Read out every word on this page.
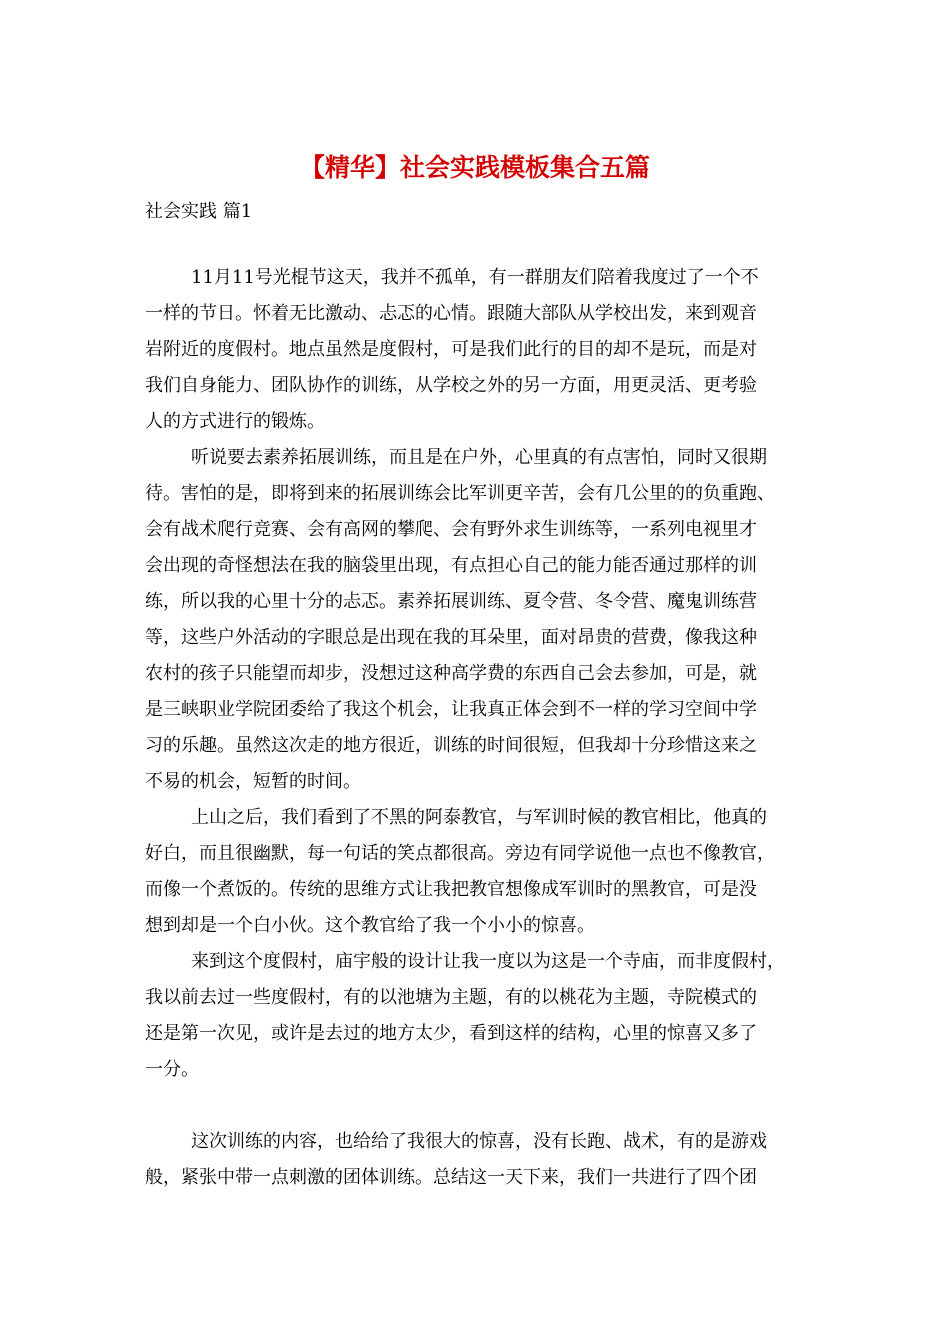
【精华】社会实践模板集合五篇
社会实践 篇1
11月11号光棍节这天，我并不孤单，有一群朋友们陪着我度过了一个不
一样的节日。怀着无比激动、忐忑的心情。跟随大部队从学校出发，来到观音
岩附近的度假村。地点虽然是度假村，可是我们此行的目的却不是玩，而是对
我们自身能力、团队协作的训练，从学校之外的另一方面，用更灵活、更考验
人的方式进行的锻炼。
听说要去素养拓展训练，而且是在户外，心里真的有点害怕，同时又很期
待。害怕的是，即将到来的拓展训练会比军训更辛苦，会有几公里的的负重跑、
会有战术爬行竞赛、会有高网的攀爬、会有野外求生训练等，一系列电视里才
会出现的奇怪想法在我的脑袋里出现，有点担心自己的能力能否通过那样的训
练，所以我的心里十分的忐忑。素养拓展训练、夏令营、冬令营、魔鬼训练营
等，这些户外活动的字眼总是出现在我的耳朵里，面对昂贵的营费，像我这种
农村的孩子只能望而却步，没想过这种高学费的东西自己会去参加，可是，就
是三峡职业学院团委给了我这个机会，让我真正体会到不一样的学习空间中学
习的乐趣。虽然这次走的地方很近，训练的时间很短，但我却十分珍惜这来之
不易的机会，短暂的时间。
上山之后，我们看到了不黑的阿泰教官，与军训时候的教官相比，他真的
好白，而且很幽默，每一句话的笑点都很高。旁边有同学说他一点也不像教官，
而像一个煮饭的。传统的思维方式让我把教官想像成军训时的黑教官，可是没
想到却是一个白小伙。这个教官给了我一个小小的惊喜。
来到这个度假村，庙宇般的设计让我一度以为这是一个寺庙，而非度假村，
我以前去过一些度假村，有的以池塘为主题，有的以桃花为主题，寺院模式的
还是第一次见，或许是去过的地方太少，看到这样的结构，心里的惊喜又多了
一分。
这次训练的内容，也给给了我很大的惊喜，没有长跑、战术，有的是游戏
般，紧张中带一点刺激的团体训练。总结这一天下来，我们一共进行了四个团
